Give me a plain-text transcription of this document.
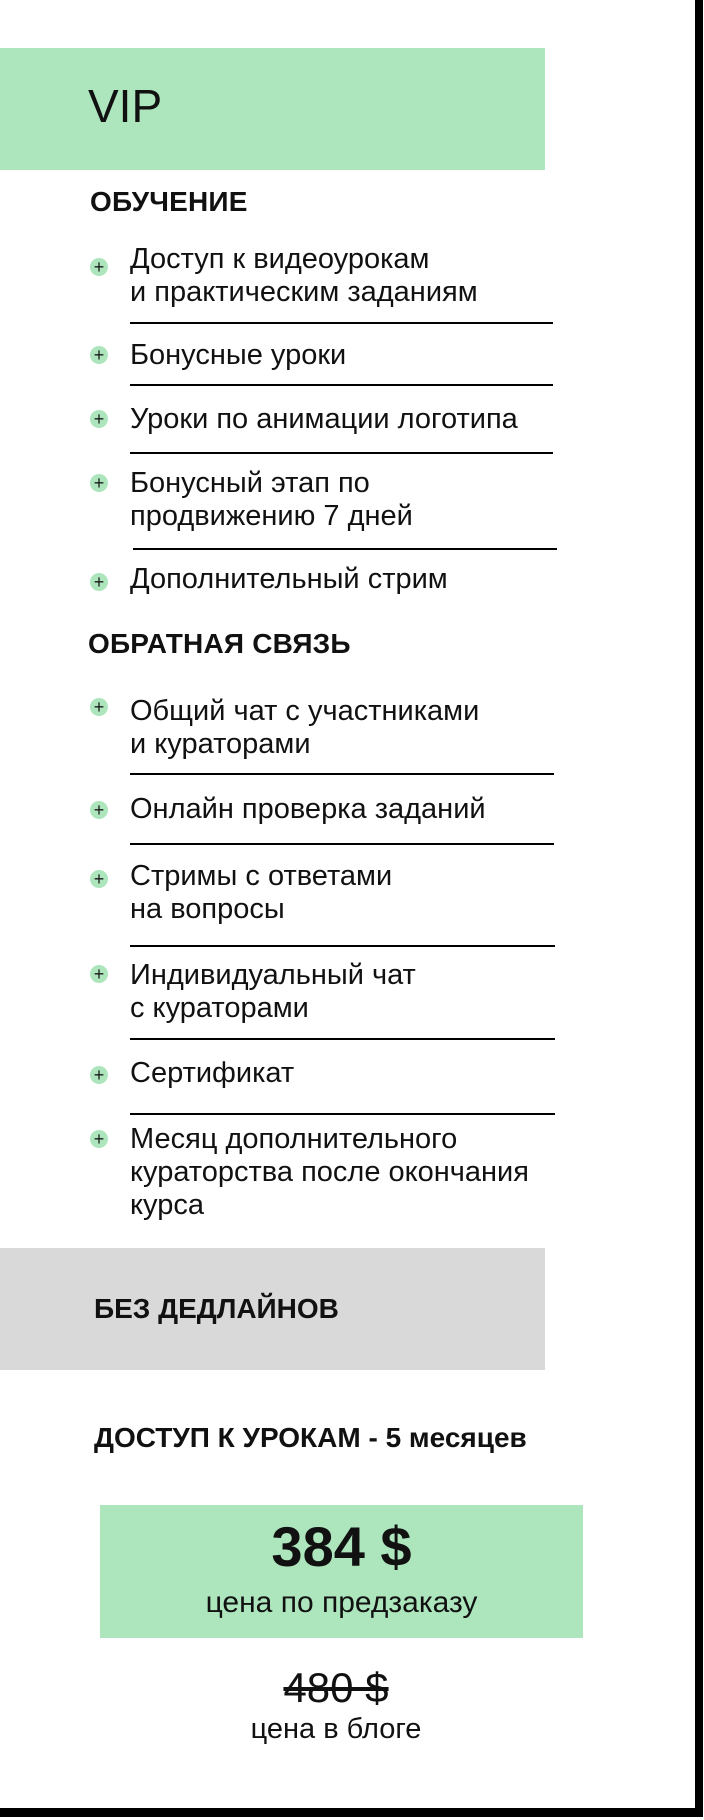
VIP
ОБУЧЕНИЕ
+ Доступ к видеоурокам
и практическим заданиям
+ Бонусные уроки
+ Уроки по анимации логотипа
+ Бонусный этап по
продвижению 7 дней
+ Дополнительный стрим
ОБРАТНАЯ СВЯЗЬ
+ Общий чат с участниками
и кураторами
+ Онлайн проверка заданий
+ Стримы с ответами
на вопросы
+ Индивидуальный чат
с кураторами
+ Сертификат
+ Месяц дополнительного
кураторства после окончания
курса
БЕЗ ДЕДЛАЙНОВ
ДОСТУП К УРОКАМ - 5 месяцев
384 $
цена по предзаказу
480 $
цена в блоге
